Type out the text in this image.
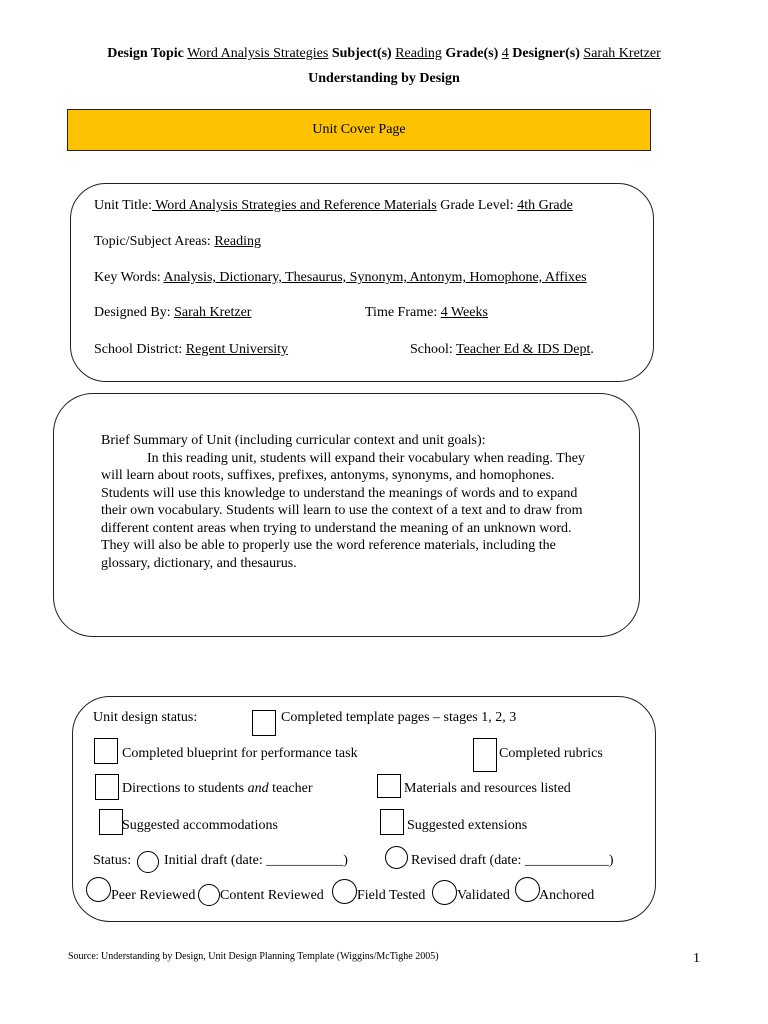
Design Topic Word Analysis Strategies Subject(s) Reading Grade(s) 4 Designer(s) Sarah Kretzer
Understanding by Design
Unit Cover Page
Unit Title: Word Analysis Strategies and Reference Materials Grade Level: 4th Grade
Topic/Subject Areas: Reading
Key Words: Analysis, Dictionary, Thesaurus, Synonym, Antonym, Homophone, Affixes
Designed By: Sarah Kretzer	Time Frame: 4 Weeks
School District: Regent University	School: Teacher Ed & IDS Dept.
Brief Summary of Unit (including curricular context and unit goals):
In this reading unit, students will expand their vocabulary when reading. They
will learn about roots, suffixes, prefixes, antonyms, synonyms, and homophones.
Students will use this knowledge to understand the meanings of words and to expand
their own vocabulary. Students will learn to use the context of a text and to draw from
different content areas when trying to understand the meaning of an unknown word.
They will also be able to properly use the word reference materials, including the
glossary, dictionary, and thesaurus.
Unit design status:	Completed template pages – stages 1, 2, 3
Completed blueprint for performance task	Completed rubrics
Directions to students and teacher	Materials and resources listed
Suggested accommodations	Suggested extensions
Status: Initial draft (date: ___________)	Revised draft (date: ____________)
Peer Reviewed Content Reviewed Field Tested Validated Anchored
Source: Understanding by Design, Unit Design Planning Template (Wiggins/McTighe 2005)	1
